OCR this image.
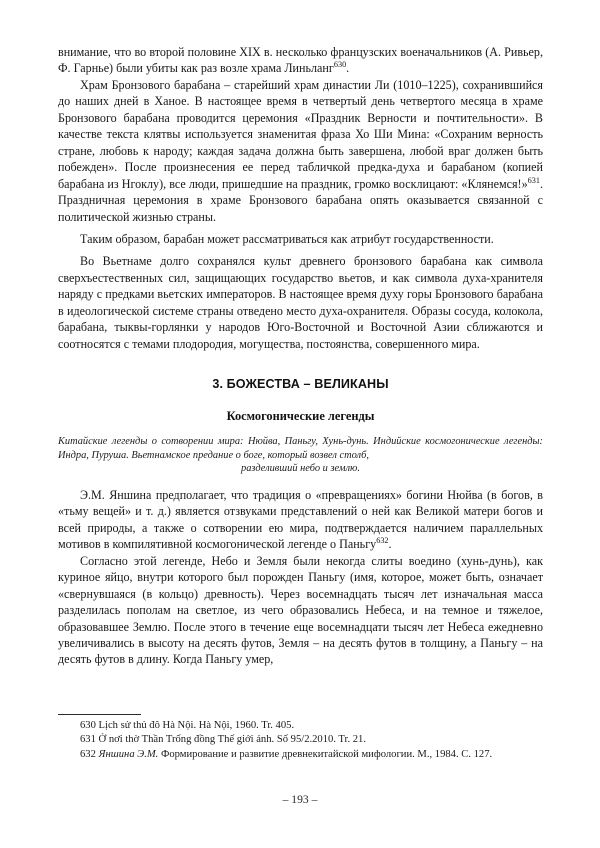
внимание, что во второй половине XIX в. несколько французских военачальников (А. Ривьер, Ф. Гарнье) были убиты как раз возле храма Линьланг$^{630}$.

Храм Бронзового барабана – старейший храм династии Ли (1010–1225), сохранившийся до наших дней в Ханое. В настоящее время в четвертый день четвертого месяца в храме Бронзового барабана проводится церемония «Праздник Верности и почтительности». В качестве текста клятвы используется знаменитая фраза Хо Ши Мина: «Сохраним верность стране, любовь к народу; каждая задача должна быть завершена, любой враг должен быть побежден». После произнесения ее перед табличкой предка-духа и барабаном (копией барабана из Нгоклу), все люди, пришедшие на праздник, громко восклицают: «Клянемся!»$^{631}$. Праздничная церемония в храме Бронзового барабана опять оказывается связанной с политической жизнью страны.

Таким образом, барабан может рассматриваться как атрибут государственности.

Во Вьетнаме долго сохранялся культ древнего бронзового барабана как символа сверхъестественных сил, защищающих государство вьетов, и как символа духа-хранителя наряду с предками вьетских императоров. В настоящее время духу горы Бронзового барабана в идеологической системе страны отведено место духа-охранителя. Образы сосуда, колокола, барабана, тыквы-горлянки у народов Юго-Восточной и Восточной Азии сближаются и соотносятся с темами плодородия, могущества, постоянства, совершенного мира.

3. БОЖЕСТВА – ВЕЛИКАНЫ
Космогонические легенды

Китайские легенды о сотворении мира: Нюйва, Паньгу, Хунь-дунь. Индийские космогонические легенды: Индра, Пуруша. Вьетнамское предание о боге, который возвел столб,
разделивший небо и землю.

Э.М. Яншина предполагает, что традиция о «превращениях» богини Нюйва (в богов, в «тьму вещей» и т. д.) является отзвуками представлений о ней как Великой матери богов и всей природы, а также о сотворении ею мира, подтверждается наличием параллельных мотивов в компилятивной космогонической легенде о Паньгу$^{632}$.

Согласно этой легенде, Небо и Земля были некогда слиты воедино (хунь-дунь), как куриное яйцо, внутри которого был порожден Паньгу (имя, которое, может быть, означает «свернувшаяся (в кольцо) древность). Через восемнадцать тысяч лет изначальная масса разделилась пополам на светлое, из чего образовались Небеса, и на темное и тяжелое, образовавшее Землю. После этого в течение еще восемнадцати тысяч лет Небеса ежедневно увеличивались в высоту на десять футов, Земля – на десять футов в толщину, а Паньгу – на десять футов в длину. Когда Паньгу умер,

630 Lịch sử thủ đô Hà Nội. Hà Nội, 1960. Tr. 405.

631 Ở nơi thờ Thần Trống đồng Thế giới ảnh. Số 95/2.2010. Tr. 21.

632 Яншина Э.М. Формирование и развитие древнекитайской мифологии. М., 1984. С. 127.

– 193 –
